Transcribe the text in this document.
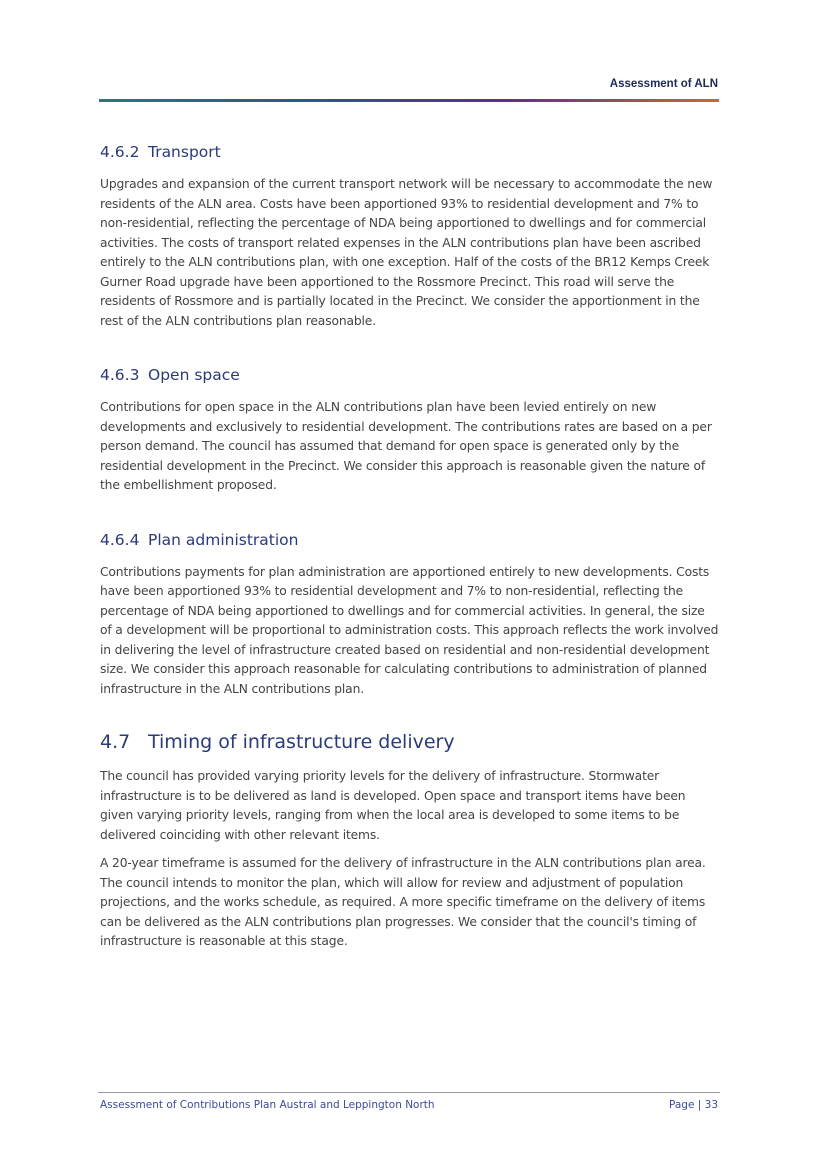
Assessment of ALN
4.6.2 Transport

Upgrades and expansion of the current transport network will be necessary to accommodate the new residents of the ALN area. Costs have been apportioned 93% to residential development and 7% to non-residential, reflecting the percentage of NDA being apportioned to dwellings and for commercial activities. The costs of transport related expenses in the ALN contributions plan have been ascribed entirely to the ALN contributions plan, with one exception. Half of the costs of the BR12 Kemps Creek Gurner Road upgrade have been apportioned to the Rossmore Precinct. This road will serve the residents of Rossmore and is partially located in the Precinct. We consider the apportionment in the rest of the ALN contributions plan reasonable.

4.6.3 Open space

Contributions for open space in the ALN contributions plan have been levied entirely on new developments and exclusively to residential development. The contributions rates are based on a per person demand. The council has assumed that demand for open space is generated only by the residential development in the Precinct. We consider this approach is reasonable given the nature of the embellishment proposed.

4.6.4 Plan administration

Contributions payments for plan administration are apportioned entirely to new developments. Costs have been apportioned 93% to residential development and 7% to non-residential, reflecting the percentage of NDA being apportioned to dwellings and for commercial activities. In general, the size of a development will be proportional to administration costs. This approach reflects the work involved in delivering the level of infrastructure created based on residential and non-residential development size. We consider this approach reasonable for calculating contributions to administration of planned infrastructure in the ALN contributions plan.

4.7 Timing of infrastructure delivery

The council has provided varying priority levels for the delivery of infrastructure. Stormwater infrastructure is to be delivered as land is developed. Open space and transport items have been given varying priority levels, ranging from when the local area is developed to some items to be delivered coinciding with other relevant items.

A 20-year timeframe is assumed for the delivery of infrastructure in the ALN contributions plan area. The council intends to monitor the plan, which will allow for review and adjustment of population projections, and the works schedule, as required. A more specific timeframe on the delivery of items can be delivered as the ALN contributions plan progresses. We consider that the council's timing of infrastructure is reasonable at this stage.

Assessment of Contributions Plan Austral and Leppington North	Page | 33
